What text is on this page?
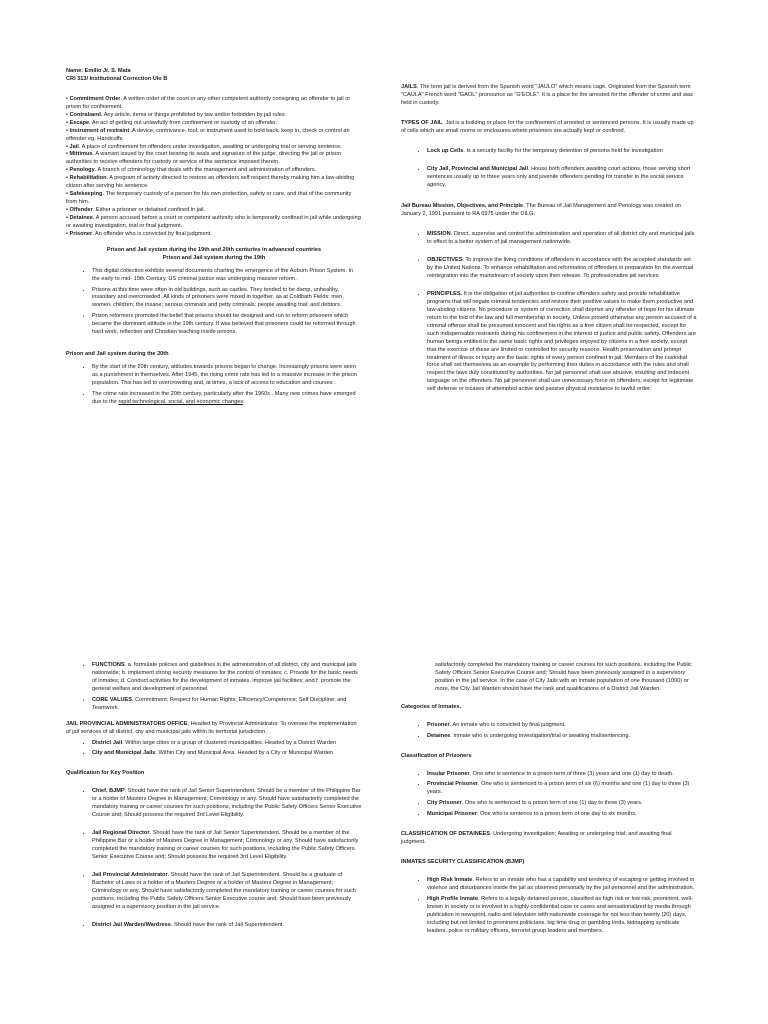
Name: Emilio Jr. S. Mata

CRI 313/ Institutional Correction Ulo B

• Commitment Order. A written order of the court or any other competent authority consigning an offender to jail or prison for confinement.
• Contraband. Any article, items or things prohibited by law and/or forbidden by jail rules.
• Escape. An act of getting out unlawfully from confinement or custody of an offender.
• Instrument of restraint. A device, contrivance, tool, or instrument used to hold back, keep in, check or control an offender eg. Handcuffs
• Jail. A place of confinement for offenders under investigation, awaiting or undergoing trial or serving sentence.
• Mittimus. A warrant issued by the court bearing its seals and signature of the judge, directing the jail or prison authorities to receive offenders for custody or service of the sentence imposed therein.
• Penology. A branch of criminology that deals with the management and administration of offenders.
• Rehabilitation. A program of activity directed to restore an offenders self respect thereby making him a law-abiding citizen after serving his sentence.
• Safekeeping. The temporary custody of a person for his own protection, safety or care, and that of the community from him.
• Offender. Either a prisoner or detained confined in jail.
• Detainee. A person accused before a court or competent authority who is temporarily confined in jail while undergoing or awaiting investigation, trial or final judgment.
• Prisoner. An offender who is convicted by final judgment.
Prison and Jail system during the 19th and 20th centuries in advanced countries
Prison and Jail system during the 19th
• This digital collection exhibits several documents charting the emergence of the Auburn Prison System. In the early to mid- 19th Century, US criminal justice was undergoing massive reform.
• Prisons at this time were often in old buildings, such as castles. They tended to be damp, unhealthy, insanitary and overcrowded. All kinds of prisoners were mixed in together, as at Coldbath Fields: men, women, children; the insane; serious criminals and petty criminals; people awaiting trial; and debtors.
• Prison reformers promoted the belief that prisons should be designed and run to reform prisoners which became the dominant attitude in the 19th century. It was believed that prisoners could be reformed through hard work, reflection and Christian teaching inside prisons.
Prison and Jail system during the 20th
• By the start of the 20th century, attitudes towards prisons began to change. Increasingly prisons were seen as a punishment in themselves. After 1945, the rising crime rate has led to a massive increase in the prison population. This has led to overcrowding and, at times, a lack of access to education and courses .
• The crime rate increased in the 20th century, particularly after the 1960s . Many new crimes have emerged due to the rapid technological, social, and economic changes.

JAILS. The term jail is derived from the Spanish word "JAULO" which means cage. Originated from the Spanish term "CAULA" French word "GAOL" pronounce as "G'EOLE". It is a place for the arrested for the offender of crime and was held in custody.

TYPES OF JAIL. Jail is a building or place for the confinement of arrested or sentenced persons. It is usually made up of cells which are small rooms or enclosures where prisoners are actually kept or confined.

• Lock up Cells. Is a security facility for the temporary detention of persons held for investigation
• City Jail, Provincial and Municipal Jail. House both offenders awaiting court actions, those serving short sentences usually up to three years only and juvenile offenders pending for transfer to the social service agency.

Jail Bureau Mission, Objectives, and Principle. The Bureau of Jail Management and Penology was created on January 2, 1991 pursuant to RA 6975 under the DILG.

• MISSION. Direct, supervise and control the administration and operation of all district city and municipal jails to effect to a better system of jail management nationwide.
• OBJECTIVES. To improve the living conditions of offenders in accordance with the accepted standards set by the United Nations. To enhance rehabilitation and reformation of offenders in preparation for the eventual reintegration into the mainstream of society upon their release. To professionalize jail services.
• PRINCIPLES. It is the obligation of jail authorities to confine offenders safety and provide rehabilitative programs that will negate criminal tendencies and restore their positive values to make them productive and law-abiding citizens. No procedure or system of correction shall deprive any offender of hope for his ultimate return to the fold of the law and full membership in society. Unless proved otherwise any person accused of a criminal offense shall be presumed innocent and his rights as a free citizen shall be respected, except for such indispensable restraints during his confinement in the interest of justice and public safety. Offenders are human beings entitled to the same basic rights and privileges enjoyed by citizens in a free society, except that the exercise of these are limited or controlled for security reasons. Health preservation and prompt treatment of illness or injury are the basic rights of every person confined in jail. Members of the custodial force shall set themselves as an example by performing their duties in accordance with the rules and shall respect the laws duly constituted by authorities. No jail personnel shall use abusive, insulting and indecent language on the offenders. No jail personnel shall use unnecessary force on offenders, except for legitimate self defense or incases of attempted active and passive physical resistance to lawful order.
• FUNCTIONS. a. formulate policies and guidelines in the administration of all district, city and municipal jails nationwide; b. implement strong security measures for the control of inmates; c. Provide for the basic needs of inmates; d. Conduct activities for the development of inmates. improve jail facilities; and f. promote the general welfare and development of personnel.
• CORE VALUES. Commitment; Respect for Human Rights; Efficiency/Competence; Self Discipline; and Teamwork.

JAIL PROVINCIAL ADMINISTRATORS OFFICE. Headed by Provincial Administrator. To oversee the implementation of jail services of all district, city and municipal jails within its territorial jurisdiction.

• District Jail. Within large cities or a group of clustered municipalities. Headed by a District Warden
• City and Municipal Jails. Within City and Municipal Area. Headed by a City or Municipal Warden
Qualification for Key Position
• Chief, BJMP. Should have the rank of Jail Senior Superintendent. Should be a member of the Philippine Bar or a holder of Masters Degree in Management; Criminology or any. Should have satisfactorily completed the mandatory training or career courses for such positions, including the Public Safety Officers Senior Executive Course and; Should possess the required 3rd Level Eligibility.
• Jail Regional Director. Should have the rank of Jail Senior Superintendent. Should be a member of the Philippine Bar or a holder of Masters Degree in Management; Criminology or any. Should have satisfactorily completed the mandatory training or career courses for such positions, including the Public Safety Officers Senior Executive Course and; Should possess the required 3rd Level Eligibility.
• Jail Provincial Administrator. Should have the rank of Jail Superintendent. Should be a graduate of Bachelor of Laws or a holder of a Masters Degree or a holder of Masters Degree in Management; Criminology or any. Should have satisfactorily completed the mandatory training or career courses for such positions, including the Public Safety Officers Senior Executive course and; Should have been previously assigned in a supervisory position in the jail service.
• District Jail Warden/Wardress. Should have the rank of Jail Superintendent.

satisfactorily completed the mandatory training or career courses for such positions, including the Public Safety Officers Senior Executive Course and; Should have been previously assigned in a supervisory position in the jail service. In the case of City Jails with an inmate population of one thousand (1000) or more, the City Jail Warden should have the rank and qualifications of a District Jail Warden.

Categories of Inmates.
• Prisoner. An inmate who is convicted by final judgment.
• Detainee. Inmate who is undergoing investigation/trial or awaiting trial/sentencing.
Classification of Prisoners
• Insular Prisoner. One who is sentence to a prison term of three (3) years and one (1) day to death.
• Provincial Prisoner. One who is sentenced to a prison term of six (6) months and one (1) day to three (3) years.
• City Prisoner. One who is sentenced to a prison term of one (1) day to three (3) years.
• Municipal Prisoner. One who is sentence to a prison term of one day to six months.

CLASSIFICATION OF DETAINEES. Undergoing investigation; Awaiting or undergoing trial; and awaiting final judgment.

INMATES SECURITY CLASSIFICATION (BJMP)
• High Risk Inmate. Refers to an inmate who has a capability and tendency of escaping or getting involved in violence and disturbances inside the jail as observed personally by the jail personnel and the administration.
• High Profile Inmate. Refers to a legally detained person, classified as high risk or low risk, prominent, well-known in society or is involved in a highly confidential case or cases and sensationalized by media through publication in newsprint, radio and television with nationwide coverage for not less than twenty (20) days, including but not limited to prominent politicians, big time drug or gambling lords, kidnapping syndicate leaders, police or military officers, terrorist group leaders and members.
